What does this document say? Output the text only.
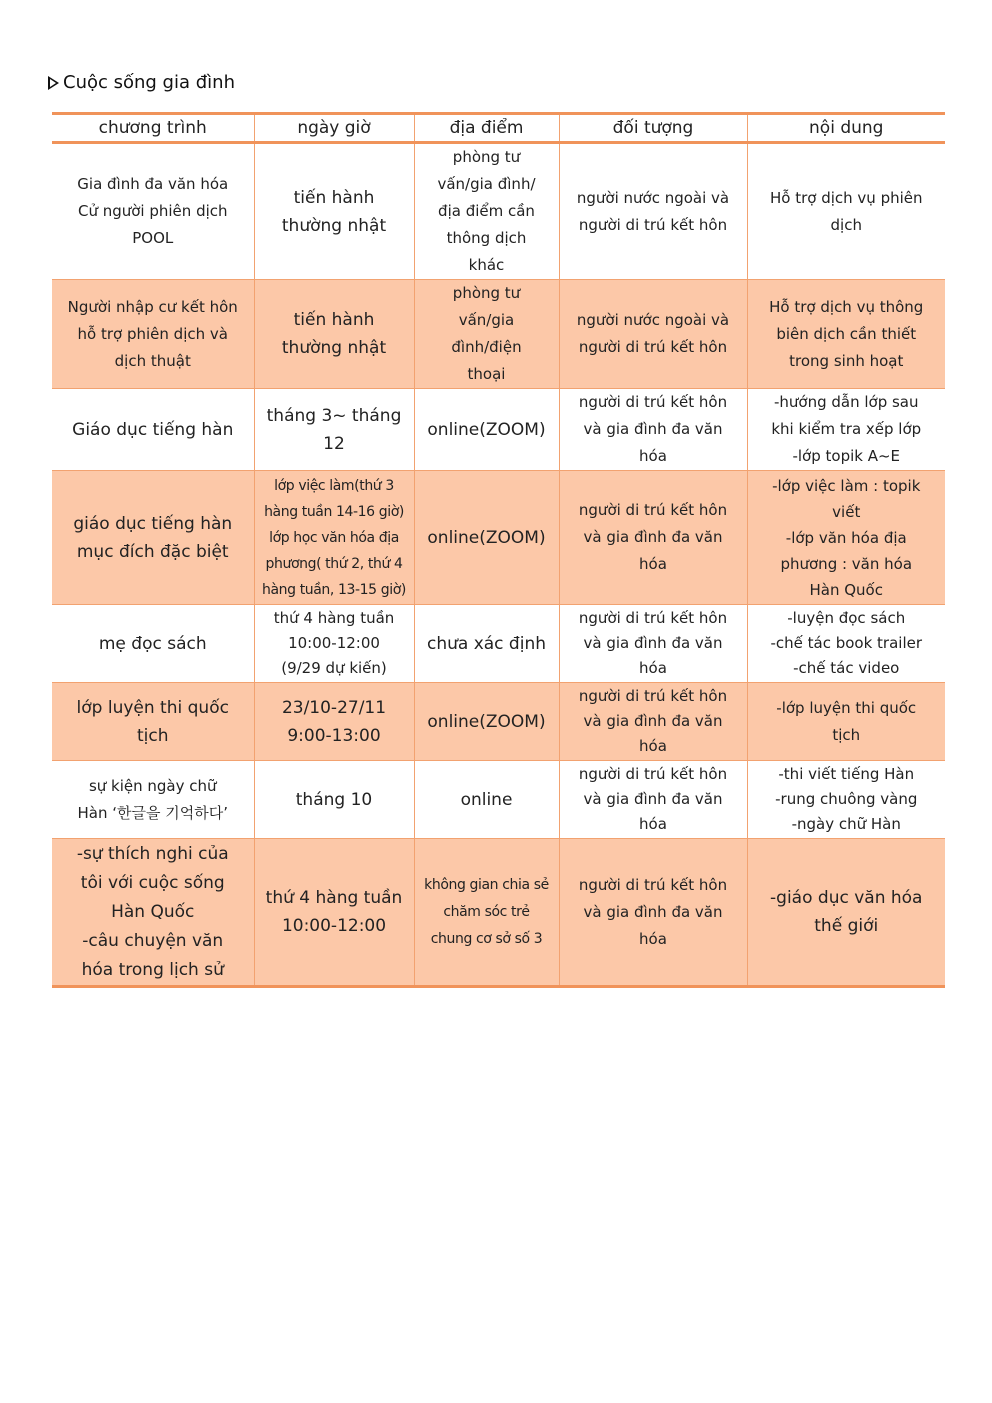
Cuộc sống gia đình
chương trình	ngày giờ	địa điểm	đối tượng	nội dung

Gia đình đa văn hóa
Cử người phiên dịch
POOL	tiến hành
thường nhật	phòng tư
vấn/gia đình/
địa điểm cần
thông dịch
khác	người nước ngoài và
người di trú kết hôn	Hỗ trợ dịch vụ phiên
dịch

Người nhập cư kết hôn
hỗ trợ phiên dịch và
dịch thuật	tiến hành
thường nhật	phòng tư
vấn/gia
đình/điện
thoại	người nước ngoài và
người di trú kết hôn	Hỗ trợ dịch vụ thông
biên dịch cần thiết
trong sinh hoạt

Giáo dục tiếng hàn	tháng 3~ tháng
12	online(ZOOM)	người di trú kết hôn
và gia đình đa văn
hóa	-hướng dẫn lớp sau
khi kiểm tra xếp lớp
-lớp topik A~E

giáo dục tiếng hàn
mục đích đặc biệt	lớp việc làm(thứ 3
hàng tuần 14-16 giờ)
lớp học văn hóa địa
phương( thứ 2, thứ 4
hàng tuần, 13-15 giờ)	online(ZOOM)	người di trú kết hôn
và gia đình đa văn
hóa	-lớp việc làm : topik
viết
-lớp văn hóa địa
phương : văn hóa
Hàn Quốc

mẹ đọc sách	thứ 4 hàng tuần
10:00-12:00
(9/29 dự kiến)	chưa xác định	người di trú kết hôn
và gia đình đa văn
hóa	-luyện đọc sách
-chế tác book trailer
-chế tác video

lớp luyện thi quốc
tịch	23/10-27/11
9:00-13:00	online(ZOOM)	người di trú kết hôn
và gia đình đa văn
hóa	-lớp luyện thi quốc
tịch

sự kiện ngày chữ
Hàn ‘한글을 기억하다’	tháng 10	online	người di trú kết hôn
và gia đình đa văn
hóa	-thi viết tiếng Hàn
-rung chuông vàng
-ngày chữ Hàn

-sự thích nghi của
tôi với cuộc sống
Hàn Quốc
-câu chuyện văn
hóa trong lịch sử	thứ 4 hàng tuần
10:00-12:00	không gian chia sẻ
chăm sóc trẻ
chung cơ sở số 3	người di trú kết hôn
và gia đình đa văn
hóa	-giáo dục văn hóa
thế giới
